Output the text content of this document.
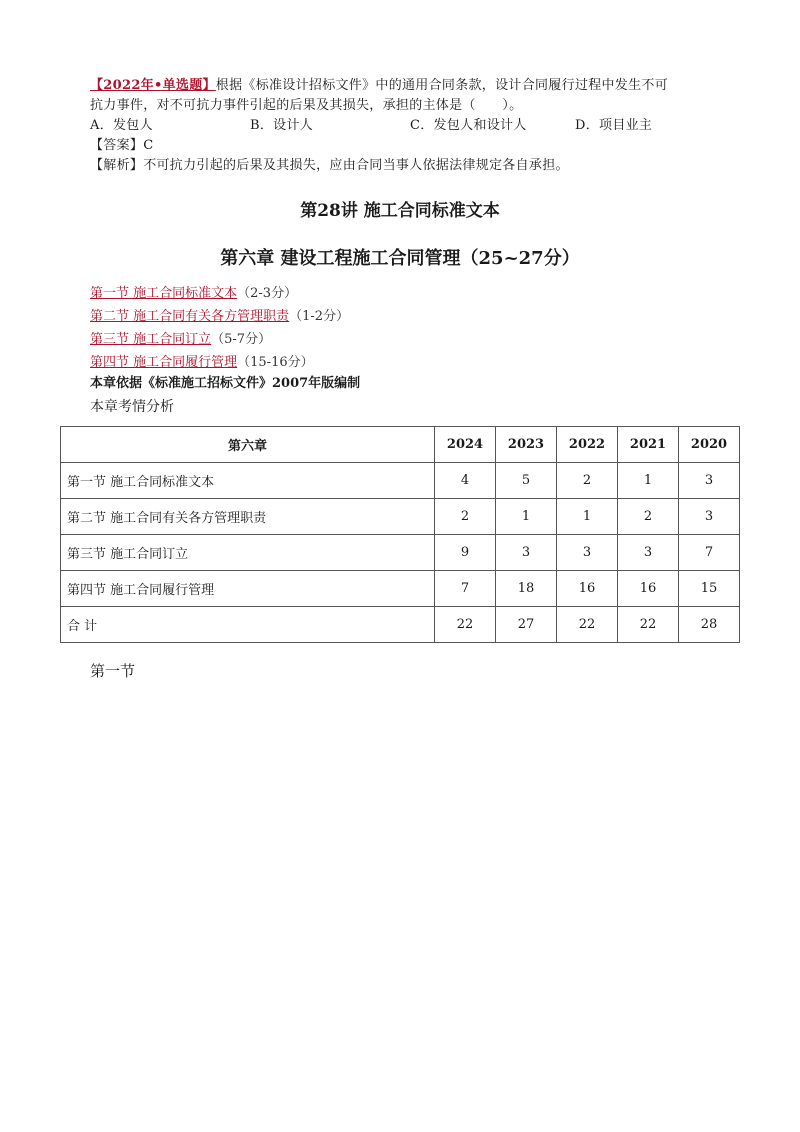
【2022年•单选题】根据《标准设计招标文件》中的通用合同条款，设计合同履行过程中发生不可
抗力事件，对不可抗力事件引起的后果及其损失，承担的主体是（　　）。
A．发包人	B．设计人	C．发包人和设计人	D．项目业主
【答案】C
【解析】不可抗力引起的后果及其损失，应由合同当事人依据法律规定各自承担。
第28讲 施工合同标准文本
第六章 建设工程施工合同管理（25~27分）
第一节 施工合同标准文本（2-3分）
第二节 施工合同有关各方管理职责（1-2分）
第三节 施工合同订立（5-7分）
第四节 施工合同履行管理（15-16分）
本章依据《标准施工招标文件》2007年版编制
本章考情分析
第六章	2024	2023	2022	2021	2020
第一节 施工合同标准文本	4	5	2	1	3
第二节 施工合同有关各方管理职责	2	1	1	2	3
第三节 施工合同订立	9	3	3	3	7
第四节 施工合同履行管理	7	18	16	16	15
合 计	22	27	22	22	28
第一节
